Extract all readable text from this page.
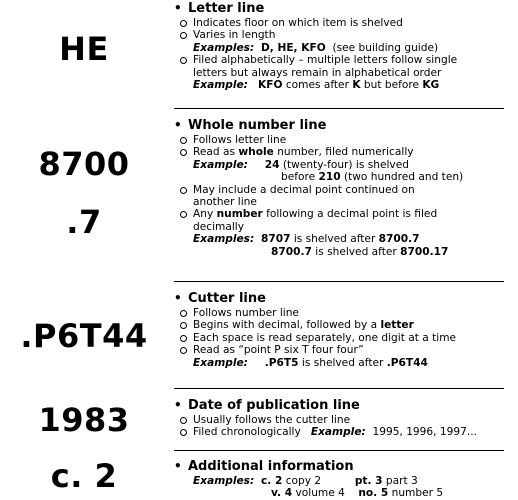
HE
8700
.7
.P6T44
1983
c. 2
• Letter line
Indicates floor on which item is shelved
Varies in length
Examples: D, HE, KFO (see building guide)
Filed alphabetically – multiple letters follow single
letters but always remain in alphabetical order
Example: KFO comes after K but before KG
• Whole number line
Follows letter line
Read as whole number, filed numerically
Example: 24 (twenty-four) is shelved
before 210 (two hundred and ten)
May include a decimal point continued on
another line
Any number following a decimal point is filed
decimally
Examples: 8707 is shelved after 8700.7
8700.7 is shelved after 8700.17
• Cutter line
Follows number line
Begins with decimal, followed by a letter
Each space is read separately, one digit at a time
Read as “point P six T four four”
Example: .P6T5 is shelved after .P6T44
• Date of publication line
Usually follows the cutter line
Filed chronologically Example: 1995, 1996, 1997...
• Additional information
Examples: c. 2 copy 2	pt. 3 part 3
v. 4 volume 4 no. 5 number 5
